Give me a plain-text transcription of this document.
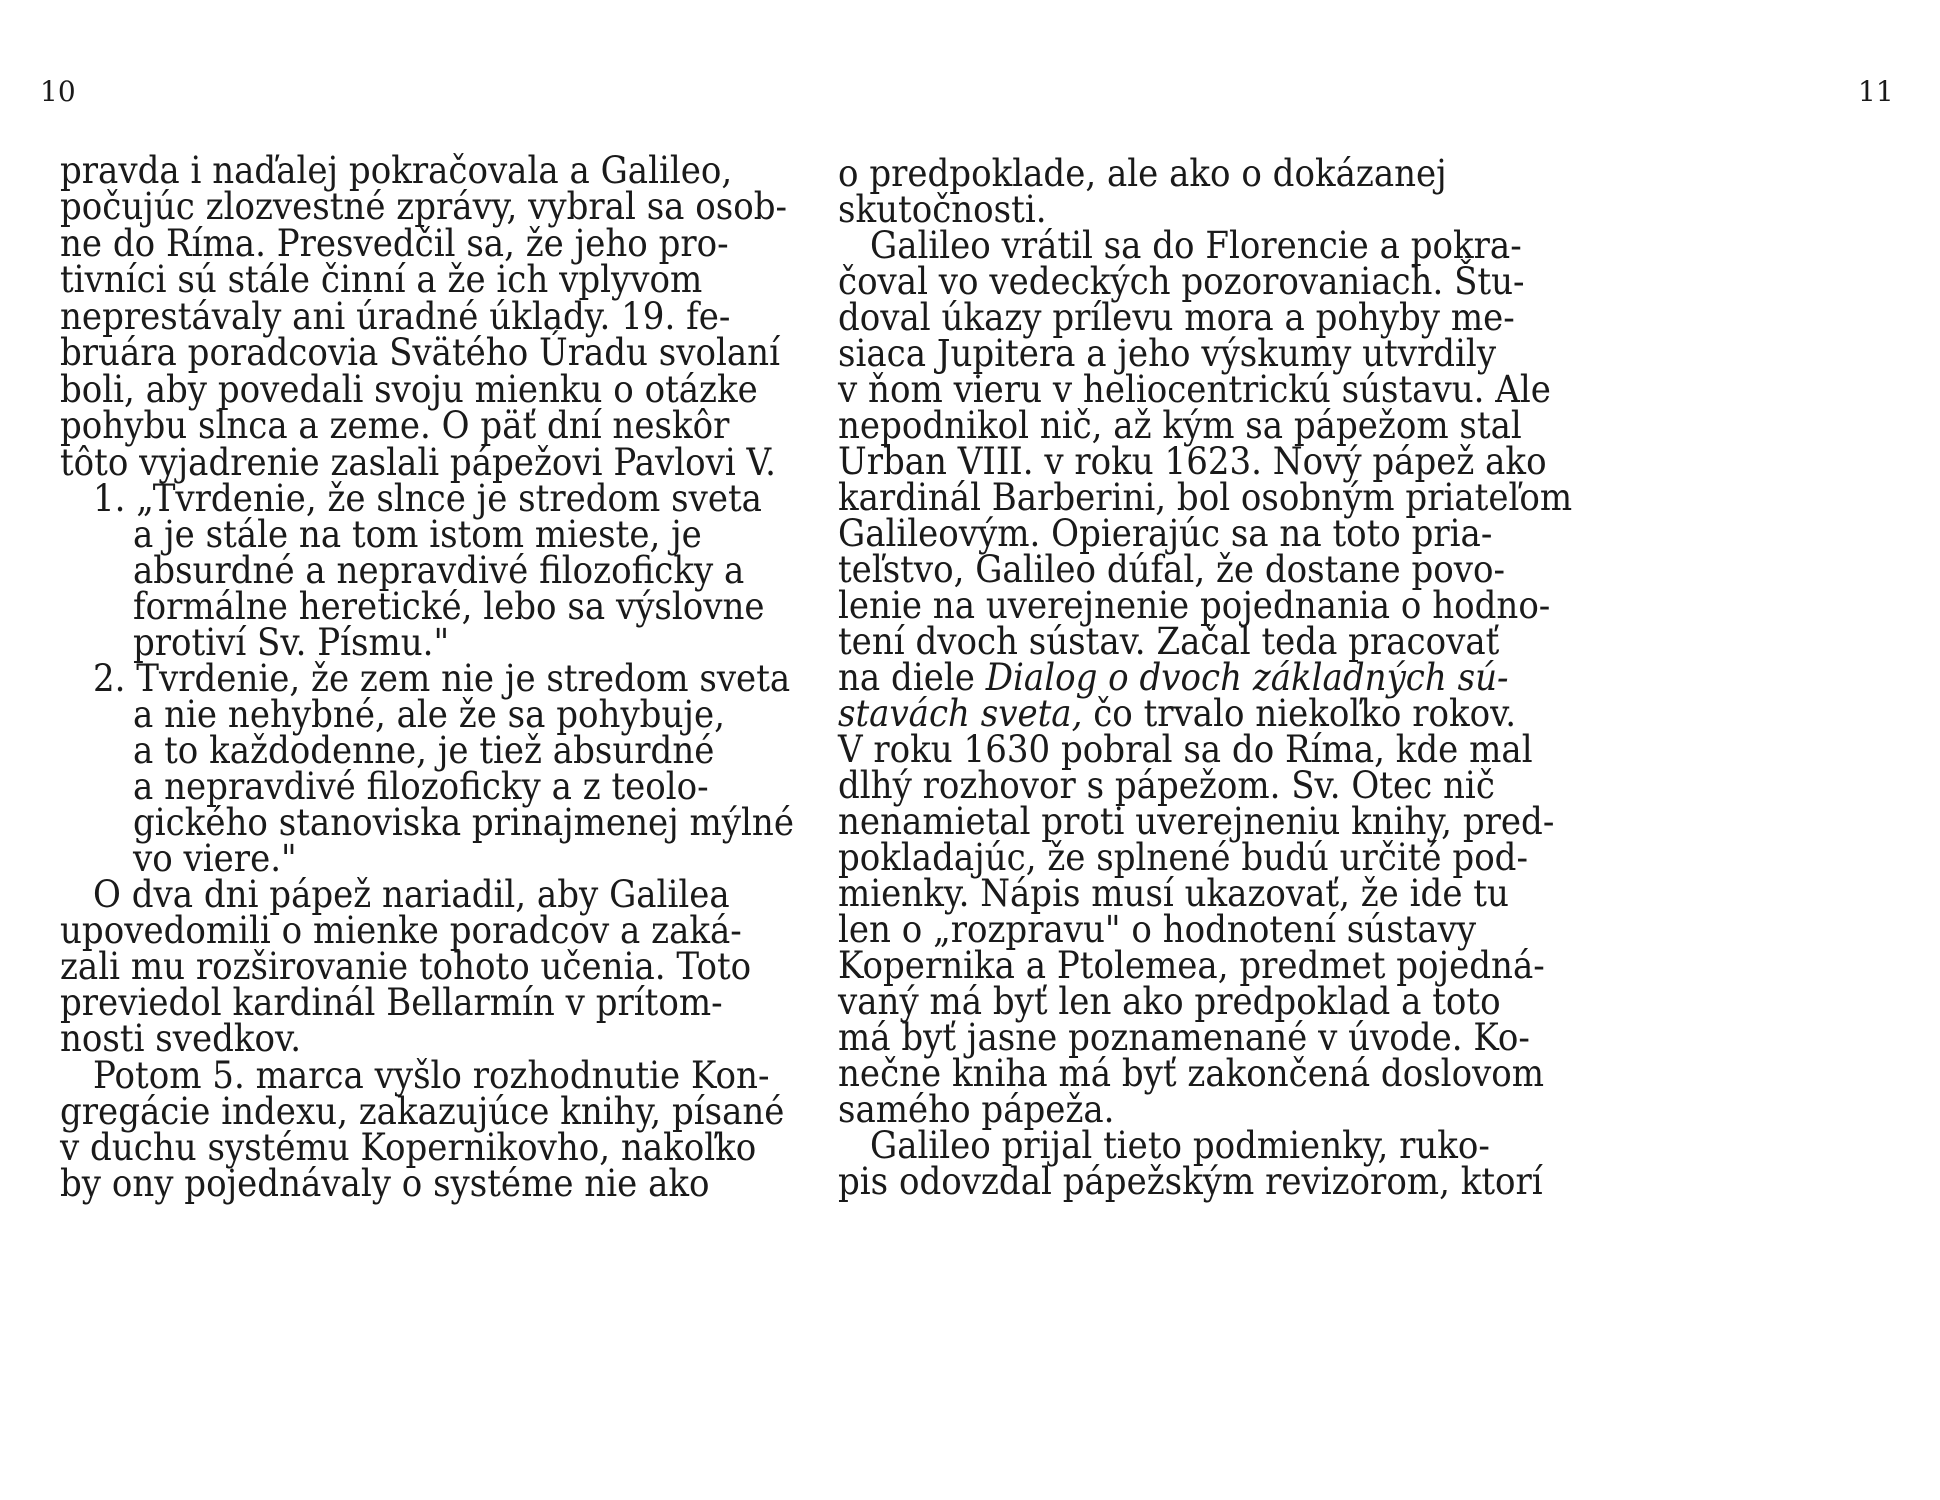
10
pravda i naďalej pokračovala a Galileo,
počujúc zlozvestné zprávy, vybral sa osob-
ne do Ríma. Presvedčil sa, že jeho pro-
tivníci sú stále činní a že ich vplyvom
neprestávaly ani úradné úklady. 19. fe-
bruára poradcovia Svätého Úradu svolaní
boli, aby povedali svoju mienku o otázke
pohybu slnca a zeme. O päť dní neskôr
tôto vyjadrenie zaslali pápežovi Pavlovi V.
1. „Tvrdenie, že slnce je stredom sveta
a je stále na tom istom mieste, je
absurdné a nepravdivé filozoficky a
formálne heretické, lebo sa výslovne
protiví Sv. Písmu."
2. Tvrdenie, že zem nie je stredom sveta
a nie nehybné, ale že sa pohybuje,
a to každodenne, je tiež absurdné
a nepravdivé filozoficky a z teolo-
gického stanoviska prinajmenej mýlné
vo viere."
O dva dni pápež nariadil, aby Galilea
upovedomili o mienke poradcov a zaká-
zali mu rozširovanie tohoto učenia. Toto
previedol kardinál Bellarmín v prítom-
nosti svedkov.
Potom 5. marca vyšlo rozhodnutie Kon-
gregácie indexu, zakazujúce knihy, písané
v duchu systému Kopernikovho, nakoľko
by ony pojednávaly o systéme nie ako
11
o predpoklade, ale ako o dokázanej
skutočnosti.
Galileo vrátil sa do Florencie a pokra-
čoval vo vedeckých pozorovaniach. Štu-
doval úkazy prílevu mora a pohyby me-
siaca Jupitera a jeho výskumy utvrdily
v ňom vieru v heliocentrickú sústavu. Ale
nepodnikol nič, až kým sa pápežom stal
Urban VIII. v roku 1623. Nový pápež ako
kardinál Barberini, bol osobným priateľom
Galileovým. Opierajúc sa na toto pria-
teľstvo, Galileo dúfal, že dostane povo-
lenie na uverejnenie pojednania o hodno-
tení dvoch sústav. Začal teda pracovať
na diele Dialog o dvoch základných sú-
stavách sveta, čo trvalo niekoľko rokov.
V roku 1630 pobral sa do Ríma, kde mal
dlhý rozhovor s pápežom. Sv. Otec nič
nenamietal proti uverejneniu knihy, pred-
pokladajúc, že splnené budú určité pod-
mienky. Nápis musí ukazovať, že ide tu
len o „rozpravu" o hodnotení sústavy
Kopernika a Ptolemea, predmet pojedná-
vaný má byť len ako predpoklad a toto
má byť jasne poznamenané v úvode. Ko-
nečne kniha má byť zakončená doslovom
samého pápeža.
Galileo prijal tieto podmienky, ruko-
pis odovzdal pápežským revizorom, ktorí
